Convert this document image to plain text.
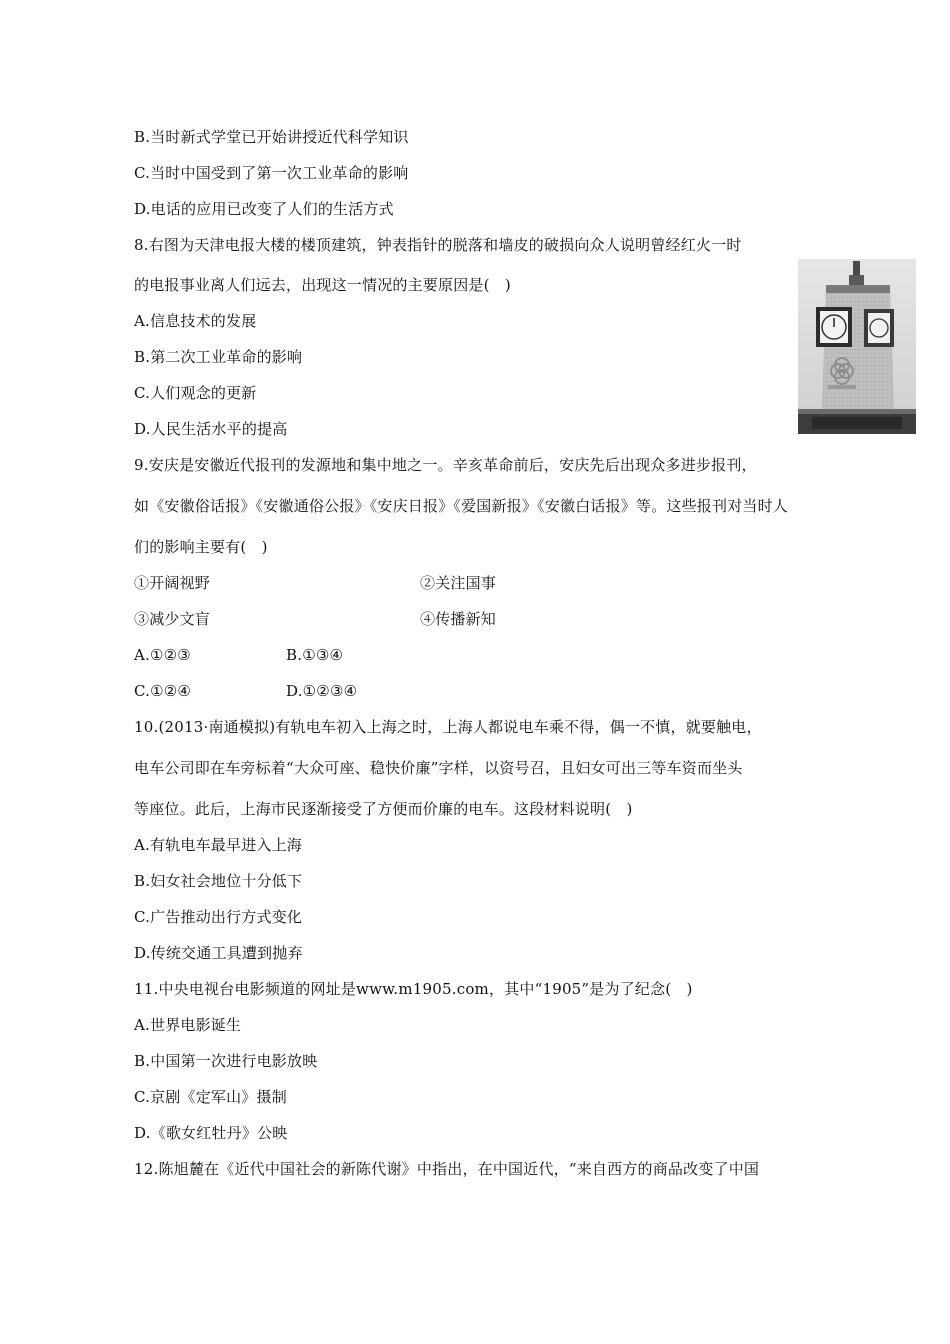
B.当时新式学堂已开始讲授近代科学知识
C.当时中国受到了第一次工业革命的影响
D.电话的应用已改变了人们的生活方式
8.右图为天津电报大楼的楼顶建筑，钟表指针的脱落和墙皮的破损向众人说明曾经红火一时
的电报事业离人们远去，出现这一情况的主要原因是(　)
A.信息技术的发展
B.第二次工业革命的影响
C.人们观念的更新
D.人民生活水平的提高
9.安庆是安徽近代报刊的发源地和集中地之一。辛亥革命前后，安庆先后出现众多进步报刊，
如《安徽俗话报》《安徽通俗公报》《安庆日报》《爱国新报》《安徽白话报》等。这些报刊对当时人
们的影响主要有(　)
①开阔视野	②关注国事
③减少文盲	④传播新知
A.①②③	B.①③④
C.①②④	D.①②③④
10.(2013·南通模拟)有轨电车初入上海之时，上海人都说电车乘不得，偶一不慎，就要触电，
电车公司即在车旁标着“大众可座、稳快价廉”字样，以资号召，且妇女可出三等车资而坐头
等座位。此后，上海市民逐渐接受了方便而价廉的电车。这段材料说明(　)
A.有轨电车最早进入上海
B.妇女社会地位十分低下
C.广告推动出行方式变化
D.传统交通工具遭到抛弃
11.中央电视台电影频道的网址是www.m1905.com，其中“1905”是为了纪念(　)
A.世界电影诞生
B.中国第一次进行电影放映
C.京剧《定军山》摄制
D.《歌女红牡丹》公映
12.陈旭麓在《近代中国社会的新陈代谢》中指出，在中国近代，“来自西方的商品改变了中国
